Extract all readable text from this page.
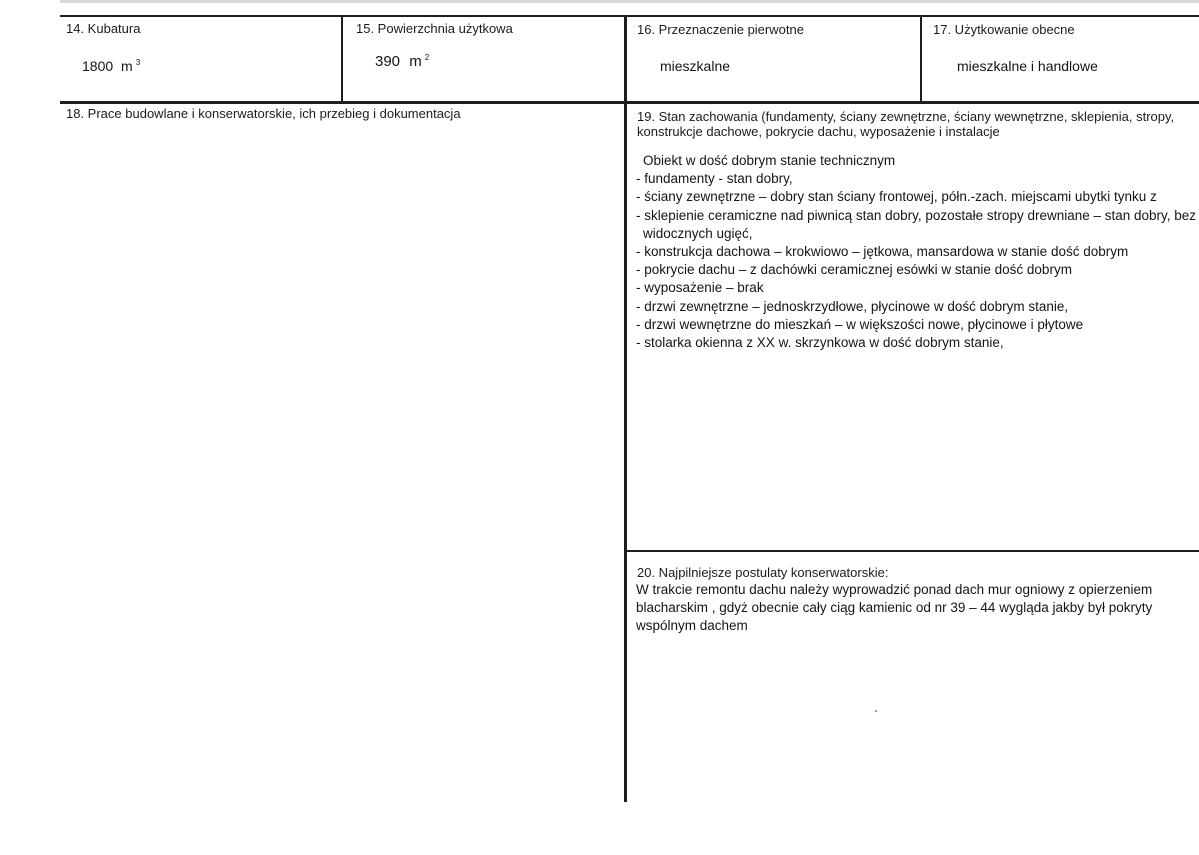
14. Kubatura
1800 m $^3$
15. Powierzchnia użytkowa
390 m $^2$
16. Przeznaczenie pierwotne
mieszkalne
17. Użytkowanie obecne
mieszkalne i handlowe
18. Prace budowlane i konserwatorskie, ich przebieg i dokumentacja	19. Stan zachowania (fundamenty, ściany zewnętrzne, ściany wewnętrzne, sklepienia, stropy,
konstrukcje dachowe, pokrycie dachu, wyposażenie i instalacje
Obiekt w dość dobrym stanie technicznym
- fundamenty - stan dobry,
- ściany zewnętrzne – dobry stan ściany frontowej, półn.-zach. miejscami ubytki tynku z
- sklepienie ceramiczne nad piwnicą stan dobry, pozostałe stropy drewniane – stan dobry, bez
widocznych ugięć,
- konstrukcja dachowa – krokwiowo – jętkowa, mansardowa w stanie dość dobrym
- pokrycie dachu – z dachówki ceramicznej esówki w stanie dość dobrym
- wyposażenie – brak
- drzwi zewnętrzne – jednoskrzydłowe, płycinowe w dość dobrym stanie,
- drzwi wewnętrzne do mieszkań – w większości nowe, płycinowe i płytowe
- stolarka okienna z XX w. skrzynkowa w dość dobrym stanie,
20. Najpilniejsze postulaty konserwatorskie:
W trakcie remontu dachu należy wyprowadzić ponad dach mur ogniowy z opierzeniem blacharskim , gdyż obecnie cały ciąg kamienic od nr 39 – 44 wygląda jakby był pokryty wspólnym dachem
